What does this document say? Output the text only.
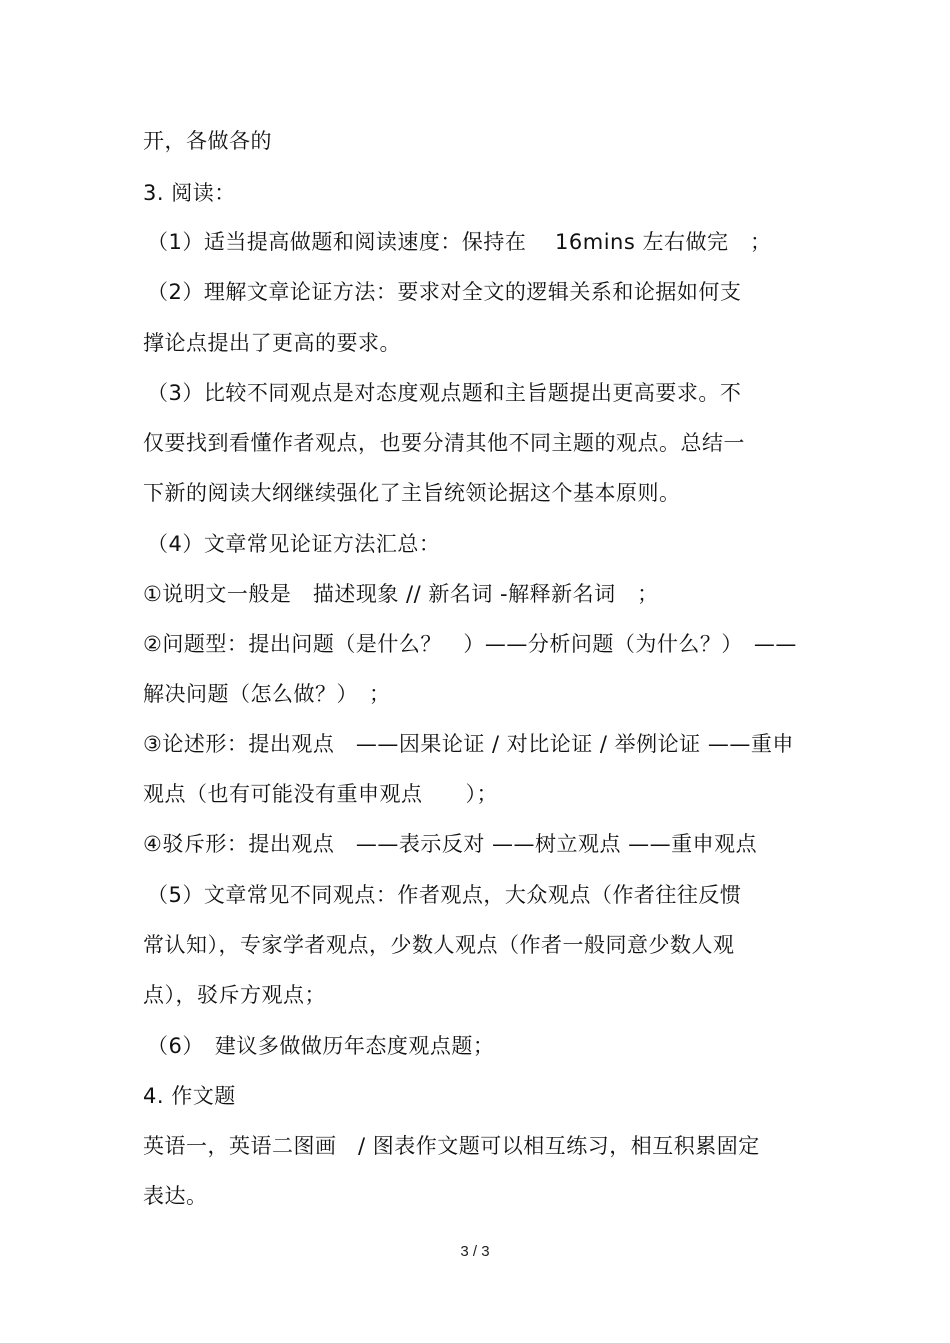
开，各做各的
3. 阅读：
（1）适当提高做题和阅读速度：保持在　 16mins 左右做完　；
（2）理解文章论证方法：要求对全文的逻辑关系和论据如何支
撑论点提出了更高的要求。
（3）比较不同观点是对态度观点题和主旨题提出更高要求。不
仅要找到看懂作者观点，也要分清其他不同主题的观点。总结一
下新的阅读大纲继续强化了主旨统领论据这个基本原则。
（4）文章常见论证方法汇总：
①说明文一般是　描述现象 // 新名词 -解释新名词　；
②问题型：提出问题（是什么？　）——分析问题（为什么？）　——
解决问题（怎么做？）　；
③论述形：提出观点　——因果论证 / 对比论证 / 举例论证 ——重申
观点（也有可能没有重申观点　　）；
④驳斥形：提出观点　——表示反对 ——树立观点 ——重申观点
（5）文章常见不同观点：作者观点，大众观点（作者往往反惯
常认知），专家学者观点，少数人观点（作者一般同意少数人观
点），驳斥方观点；
（6）　建议多做做历年态度观点题；
4. 作文题
英语一，英语二图画　/ 图表作文题可以相互练习，相互积累固定
表达。
3 / 3
